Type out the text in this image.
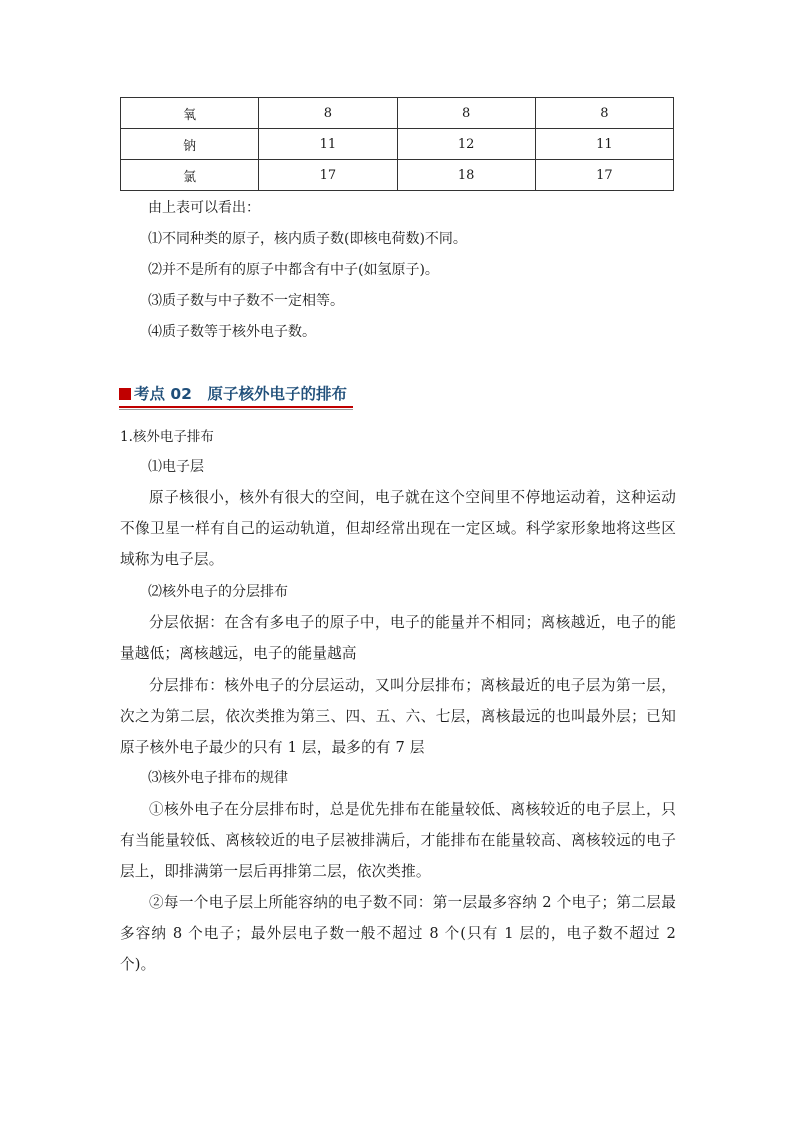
氧	8	8	8
钠	11	12	11
氯	17	18	17
由上表可以看出：
⑴不同种类的原子，核内质子数(即核电荷数)不同。
⑵并不是所有的原子中都含有中子(如氢原子)。
⑶质子数与中子数不一定相等。
⑷质子数等于核外电子数。
考点 02　原子核外电子的排布
1.核外电子排布
⑴电子层
原子核很小，核外有很大的空间，电子就在这个空间里不停地运动着，这种运动不像卫星一样有自己的运动轨道，但却经常出现在一定区域。科学家形象地将这些区域称为电子层。
⑵核外电子的分层排布
分层依据：在含有多电子的原子中，电子的能量并不相同；离核越近，电子的能量越低；离核越远，电子的能量越高
分层排布：核外电子的分层运动，又叫分层排布；离核最近的电子层为第一层，次之为第二层，依次类推为第三、四、五、六、七层，离核最远的也叫最外层；已知原子核外电子最少的只有 1 层，最多的有 7 层
⑶核外电子排布的规律
①核外电子在分层排布时，总是优先排布在能量较低、离核较近的电子层上，只有当能量较低、离核较近的电子层被排满后，才能排布在能量较高、离核较远的电子层上，即排满第一层后再排第二层，依次类推。
②每一个电子层上所能容纳的电子数不同：第一层最多容纳 2 个电子；第二层最多容纳 8 个电子；最外层电子数一般不超过 8 个(只有 1 层的，电子数不超过 2 个)。
